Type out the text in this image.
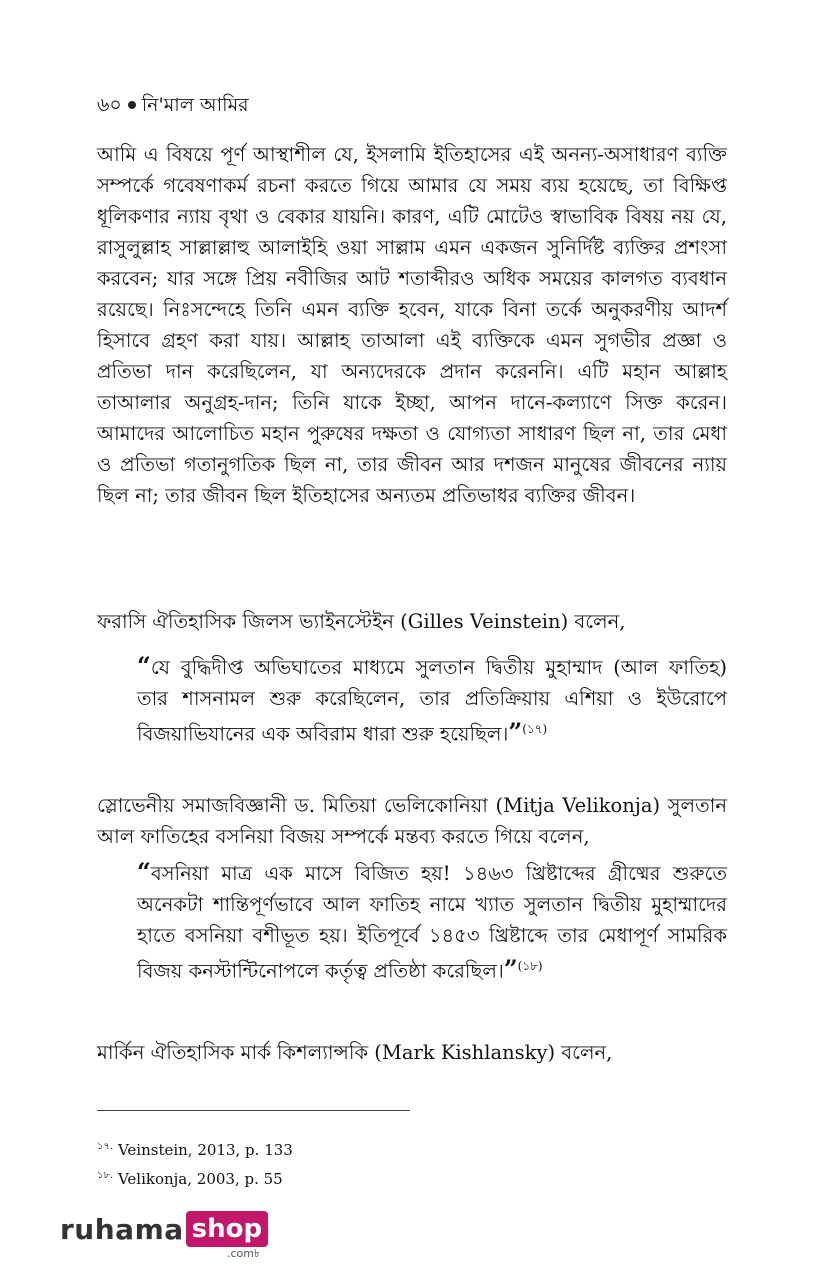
৬০ নি'মাল আমির

আমি এ বিষয়ে পূর্ণ আস্থাশীল যে, ইসলামি ইতিহাসের এই অনন্য-অসাধারণ ব্যক্তি সম্পর্কে গবেষণাকর্ম রচনা করতে গিয়ে আমার যে সময় ব্যয় হয়েছে, তা বিক্ষিপ্ত ধূলিকণার ন্যায় বৃথা ও বেকার যায়নি। কারণ, এটি মোটেও স্বাভাবিক বিষয় নয় যে, রাসুলুল্লাহ সাল্লাল্লাহু আলাইহি ওয়া সাল্লাম এমন একজন সুনির্দিষ্ট ব্যক্তির প্রশংসা করবেন; যার সঙ্গে প্রিয় নবীজির আট শতাব্দীরও অধিক সময়ের কালগত ব্যবধান রয়েছে। নিঃসন্দেহে তিনি এমন ব্যক্তি হবেন, যাকে বিনা তর্কে অনুকরণীয় আদর্শ হিসাবে গ্রহণ করা যায়। আল্লাহ তাআলা এই ব্যক্তিকে এমন সুগভীর প্রজ্ঞা ও প্রতিভা দান করেছিলেন, যা অন্যদেরকে প্রদান করেননি। এটি মহান আল্লাহ তাআলার অনুগ্রহ-দান; তিনি যাকে ইচ্ছা, আপন দানে-কল্যাণে সিক্ত করেন। আমাদের আলোচিত মহান পুরুষের দক্ষতা ও যোগ্যতা সাধারণ ছিল না, তার মেধা ও প্রতিভা গতানুগতিক ছিল না, তার জীবন আর দশজন মানুষের জীবনের ন্যায় ছিল না; তার জীবন ছিল ইতিহাসের অন্যতম প্রতিভাধর ব্যক্তির জীবন।

ফরাসি ঐতিহাসিক জিলস ভ্যাইনস্টেইন (Gilles Veinstein) বলেন,

“যে বুদ্ধিদীপ্ত অভিঘাতের মাধ্যমে সুলতান দ্বিতীয় মুহাম্মাদ (আল ফাতিহ) তার শাসনামল শুরু করেছিলেন, তার প্রতিক্রিয়ায় এশিয়া ও ইউরোপে বিজয়াভিযানের এক অবিরাম ধারা শুরু হয়েছিল।”$^{(১৭)}$

স্লোভেনীয় সমাজবিজ্ঞানী ড. মিতিয়া ভেলিকোনিয়া (Mitja Velikonja) সুলতান আল ফাতিহের বসনিয়া বিজয় সম্পর্কে মন্তব্য করতে গিয়ে বলেন,

“বসনিয়া মাত্র এক মাসে বিজিত হয়! ১৪৬৩ খ্রিষ্টাব্দের গ্রীষ্মের শুরুতে অনেকটা শান্তিপূর্ণভাবে আল ফাতিহ নামে খ্যাত সুলতান দ্বিতীয় মুহাম্মাদের হাতে বসনিয়া বশীভূত হয়। ইতিপূর্বে ১৪৫৩ খ্রিষ্টাব্দে তার মেধাপূর্ণ সামরিক বিজয় কনস্টান্টিনোপলে কর্তৃত্ব প্রতিষ্ঠা করেছিল।”$^{(১৮)}$

মার্কিন ঐতিহাসিক মার্ক কিশল্যান্সকি (Mark Kishlansky) বলেন,

$^{১৭.}$ Veinstein, 2013, p. 133
$^{১৮.}$ Velikonja, 2003, p. 55
ruhama shop
.com৳
